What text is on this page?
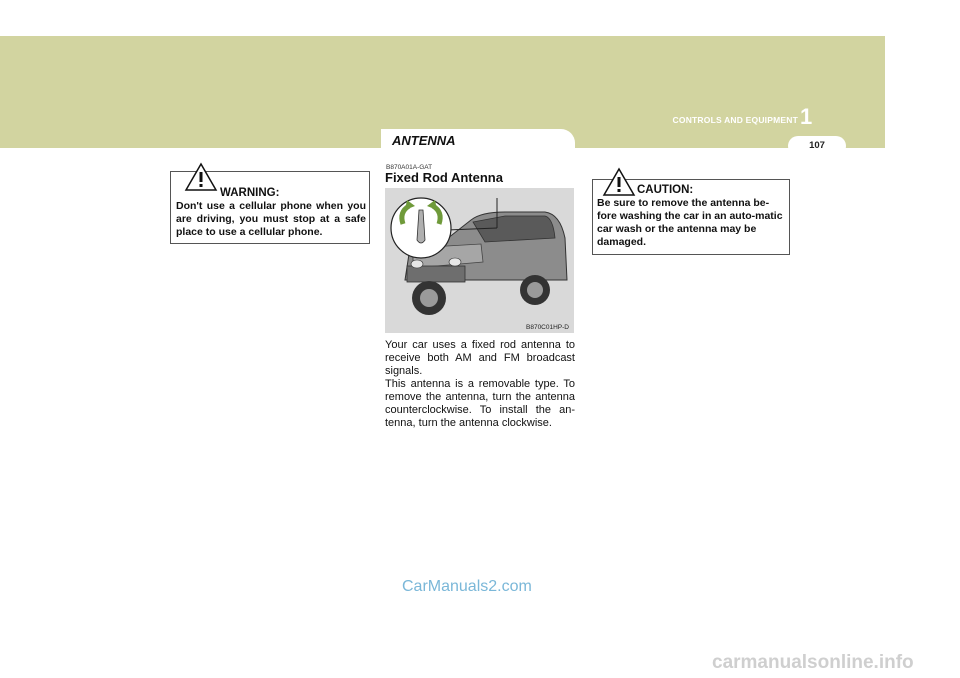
CONTROLS AND EQUIPMENT 1
107
ANTENNA
WARNING:
Don't use a cellular phone when you are driving, you must stop at a safe place to use a cellular phone.
B870A01A-GAT
Fixed Rod Antenna
B870C01HP-D
Your car uses a fixed rod antenna to receive both AM and FM broadcast signals.
This antenna is a removable type. To remove the antenna, turn the antenna counterclockwise. To install the an-tenna, turn the antenna clockwise.
CAUTION:
Be sure to remove the antenna be-fore washing the car in an auto-matic car wash or the antenna may be damaged.
CarManuals2.com
carmanualsonline.info
